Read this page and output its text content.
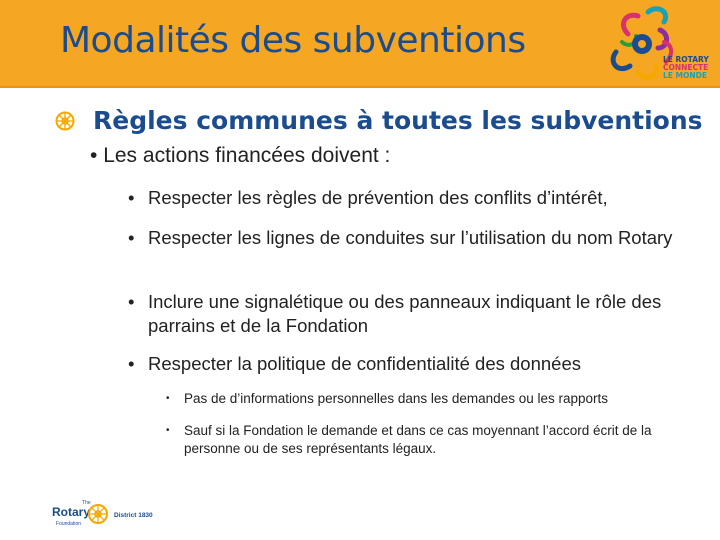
Modalités des subventions	LE ROTARY
CONNECTE
LE MONDE
Règles communes à toutes les subventions
• Les actions financées doivent :
• Respecter les règles de prévention des conflits d’intérêt,
• Respecter les lignes de conduites sur l’utilisation du nom Rotary
• Inclure une signalétique ou des panneaux indiquant le rôle des parrains et de la Fondation
• Respecter la politique de confidentialité des données
• Pas de d’informations personnelles dans les demandes ou les rapports
• Sauf si la Fondation le demande et dans ce cas moyennant l’accord écrit de la personne ou de ses représentants légaux.
The
Rotary
Foundation
District 1830
